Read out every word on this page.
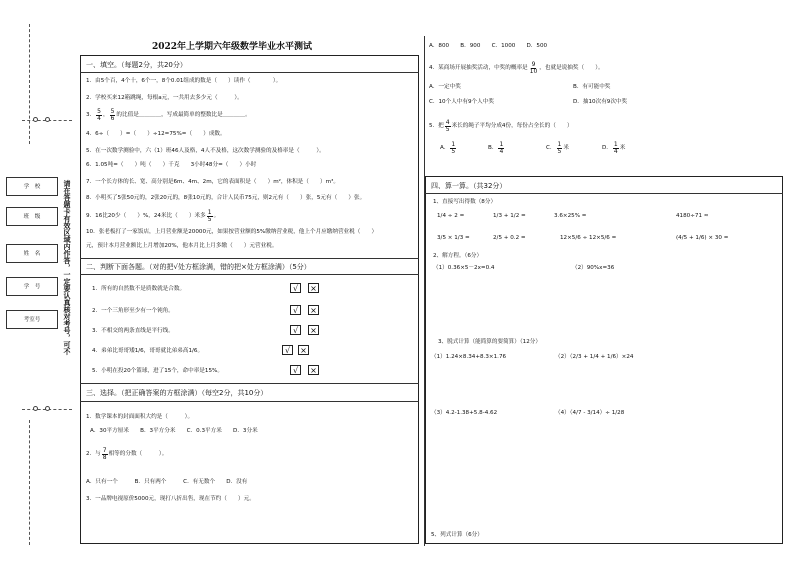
学　校
班　级
姓　名
学　号
考室号	请在答题卡有效区域内作答，一定要认真核对考号，可不
2022年上学期六年级数学毕业水平测试
一、填空。（每题2分，共20分）
1．由5个百，4个十，6个一，8个0.01组成的数是（　　）读作（　　　　）。
2．学校买来12箱跳绳，每根a元，一共用去多少元（　　　）。
3． $\frac{5}{4}$ ， $\frac{5}{6}$ 的比值是＿＿＿＿，写成最简单的整数比是＿＿＿＿。
4．6÷（　　）=（　　）÷12=75%=（　　）成数。
5．在一次数学测验中，六（1）班46人及格，4人不及格，这次数学测验的及格率是（　　　）。
6．1.05吨=（　　）吨（　　）千克　　3小时48分=（　　）小时
7．一个长方体的长、宽、高分别是6m、4m、2m，它的表面积是（　　）m²，体积是（　　）m³。
8．小明买了5张50元的，2张20元的，8张10元的，合计人民币75元，则2元有（　　）张，5元有（　　）张。
9．16比20少（　　）%，24米比（　　）米多 $\frac{1}{5}$ 。
10．张老板打了一家饭店，上月营业额是20000元，如果按营业额的5%缴纳营业税，他上个月应缴纳营业税（　　）
元，预计本月营业额比上月增加20%，他本月比上月多缴（　　）元营业税。
二、判断下面各题。（对的把√处方框涂满，错的把×处方框涂满）（5分）
1．所有的自然数不是质数就是合数。	√	×
2．一个三角形至少有一个钝角。	√	×
3．不相交的两条直线是平行线。	√	×
4．弟弟比哥哥矮1/6，哥哥就比弟弟高1/6。	√	×
5．小明在投20个篮球，进了15个，命中率是15%。	√	×
三、选择。（把正确答案的方框涂满）（每空2分，共10分）
1．数学课本的封面面积大约是（　　　）。
A．30平方厘米　　B．3平方分米　　C．0.3平方米　　D．3分米
2．与 $\frac{7}{8}$ 相等的分数（　　　）。
A．只有一个　　　B．只有两个　　　C．有无数个　　D．没有
3．一品牌电视原价5000元，现打八折出售，现在节约（　　）元。
A．800　　B．900　　C．1000　　D．500
4．某商场开展抽奖活动，中奖的概率是 $\frac{9}{10}$ ，也就是说抽奖（　　）。
A．一定中奖	B．有可能中奖
C．10个人中有9个人中奖	D．抽10次有9次中奖
5．把 $\frac{4}{5}$ 米长的绳子平均分成4份，每份占全长的（　　）
A． $\frac{1}{5}$	B． $\frac{1}{4}$	C． $\frac{1}{5}$ 米	D． $\frac{1}{4}$ 米
四、算一算。（共32分）
1、直接写出得数（8分）
1/4 ÷ 2 =	1/3 + 1/2 =	3.6×25% =	4180÷71 ≈
3/5 × 1/3 =	2/5 + 0.2 =	12×5/6 ÷ 12×5/6 =	(4/5 + 1/6) × 30 =
2、解方程。（6分）
（1）0.36×5－2x=0.4	（2）90%x=36
3、脱式计算（能简算的要简算）（12分）
（1）1.24×8.34+8.3×1.76	（2）（2/3 + 1/4 + 1/6）×24
（3）4.2-1.38+5.8-4.62	（4）（4/7 - 3/14）÷ 1/28
5、列式计算（6分）
